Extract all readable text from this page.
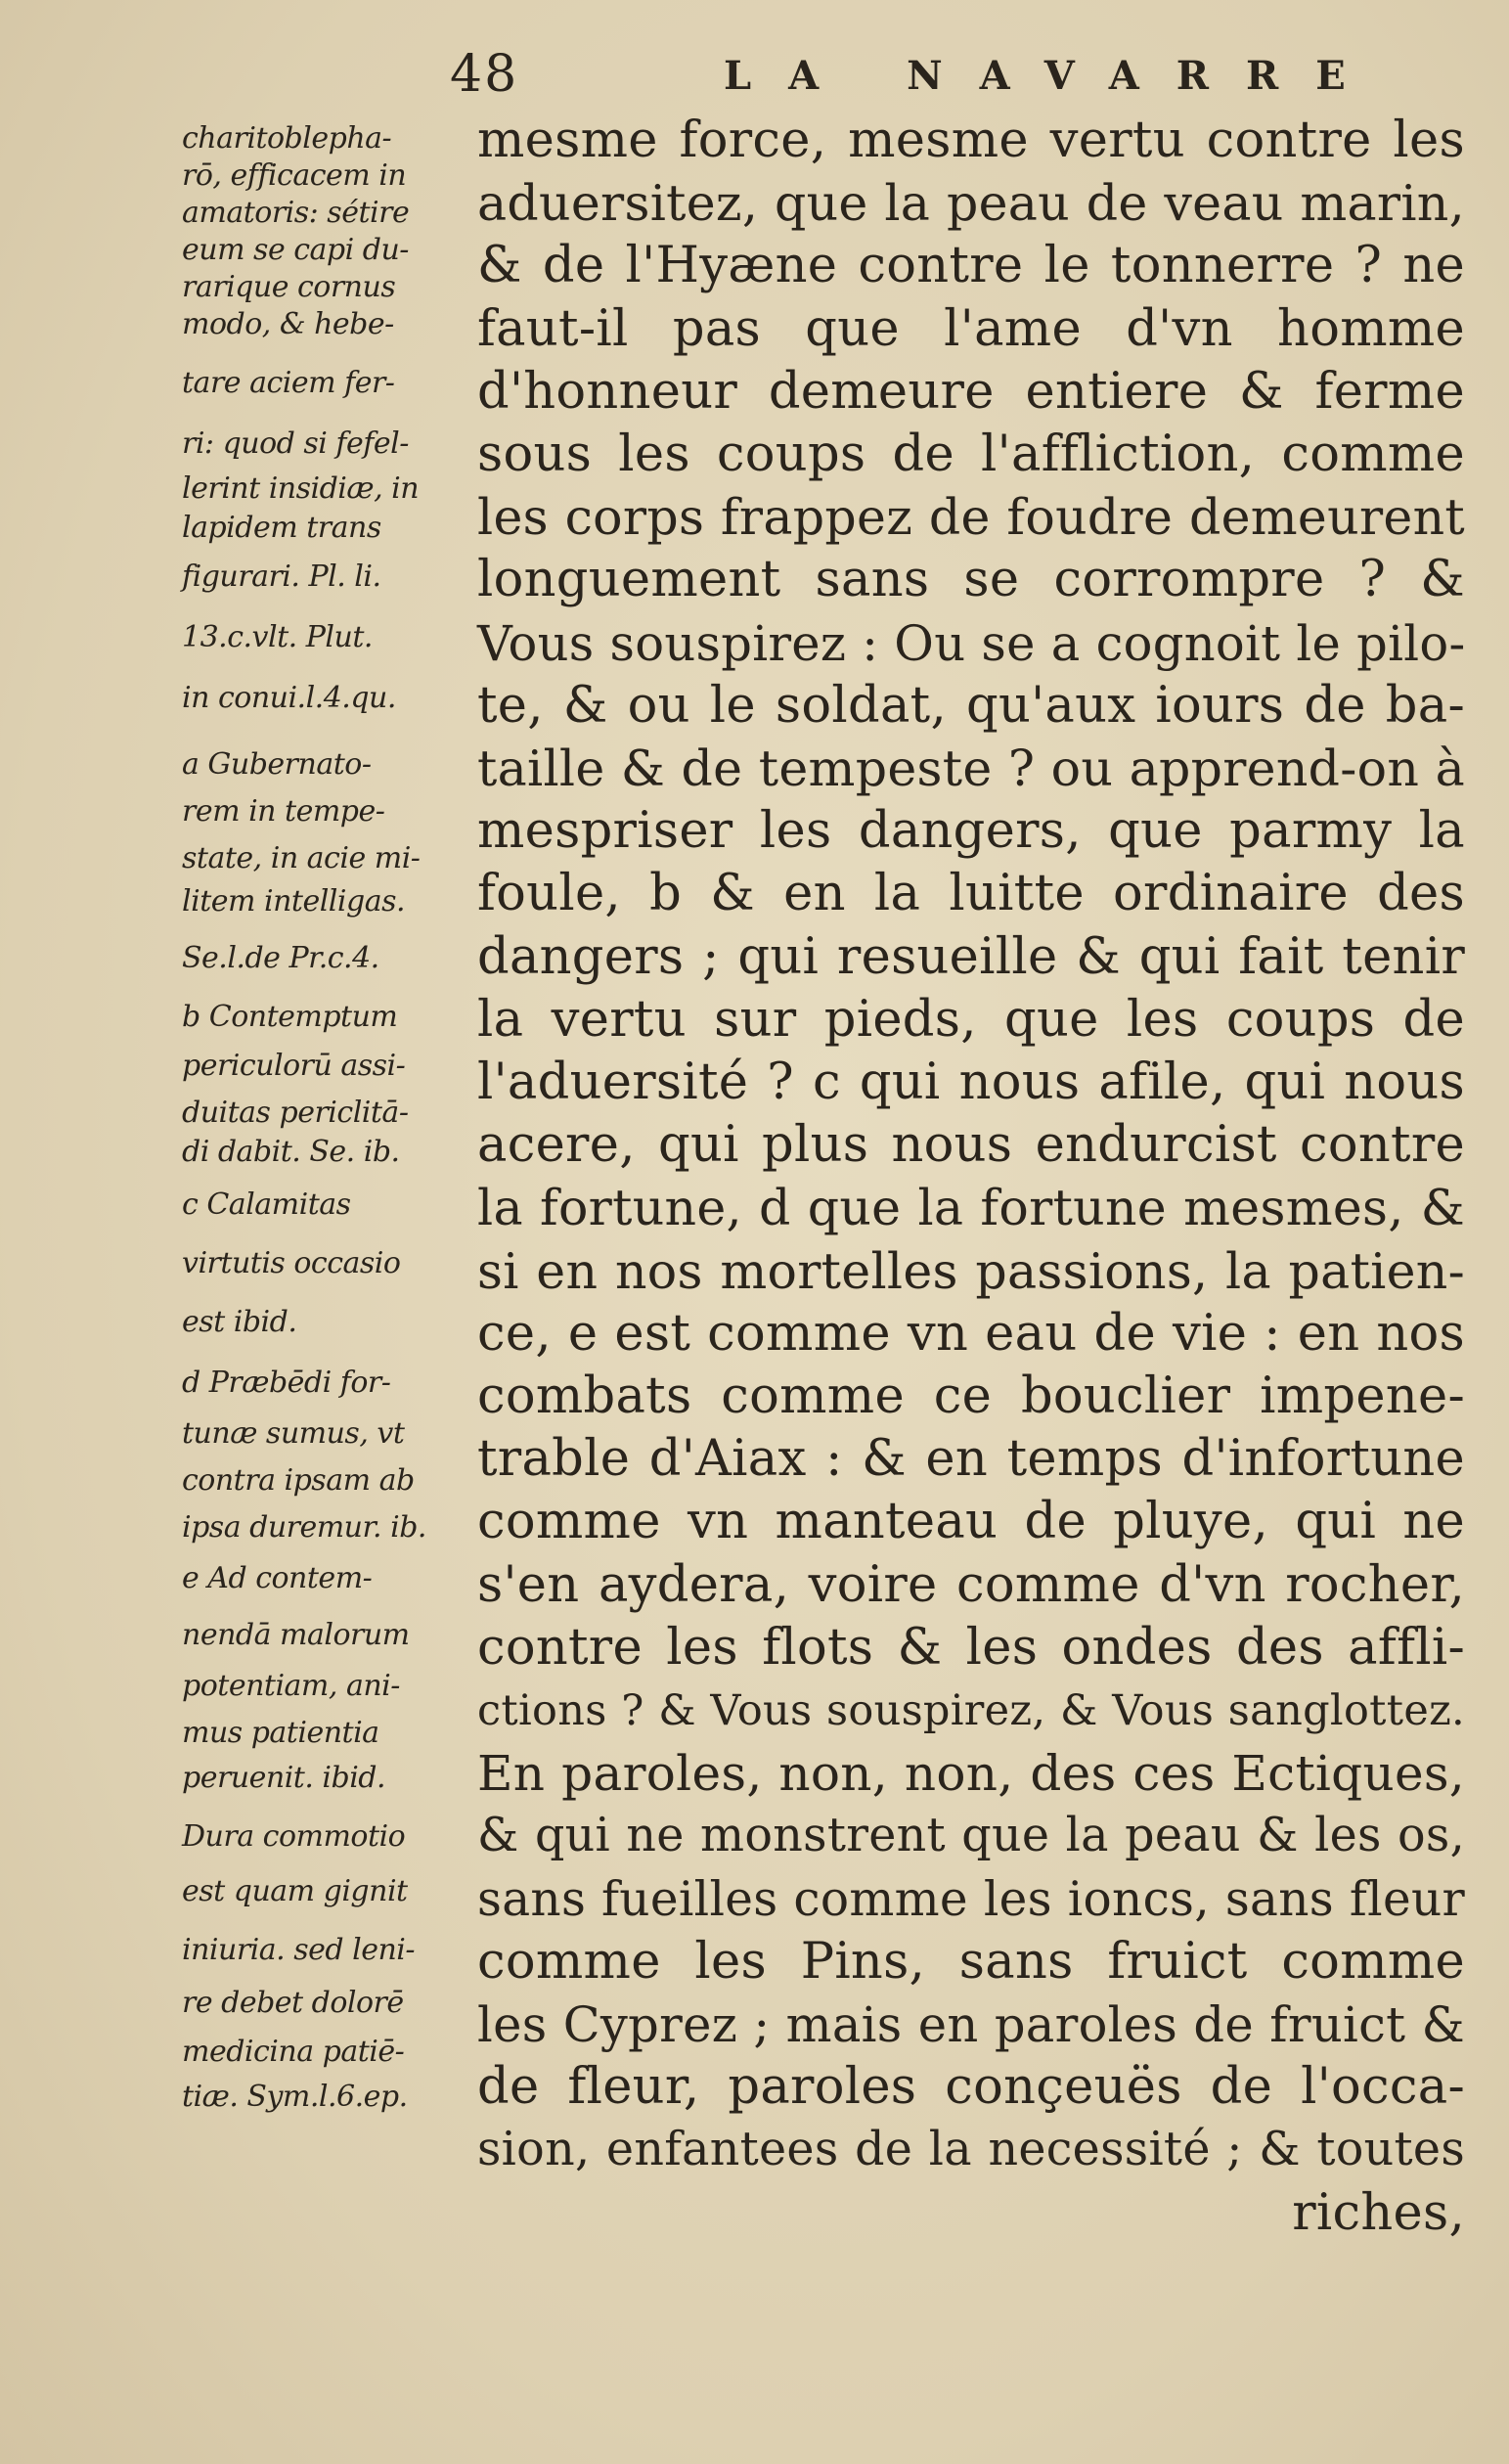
48	LA NAVARRE
charitoblepha-
rō, efficacem in
amatoris: sétire
eum se capi du-
rarique cornus
modo, & hebe-
tare aciem fer-
ri: quod si fefel-
lerint insidiæ, in
lapidem trans
figurari. Pl. li.
13.c.vlt. Plut.
in conui.l.4.qu.
a Gubernato-
rem in tempe-
state, in acie mi-
litem intelligas.
Se.l.de Pr.c.4.
b Contemptum
periculorū assi-
duitas periclitā-
di dabit. Se. ib.
c Calamitas
virtutis occasio
est ibid.
d Præbēdi for-
tunæ sumus, vt
contra ipsam ab
ipsa duremur. ib.
e Ad contem-
nendā malorum
potentiam, ani-
mus patientia
peruenit. ibid.
Dura commotio
est quam gignit
iniuria. sed leni-
re debet dolorē
medicina patiē-
tiæ. Sym.l.6.ep.
mesme force, mesme vertu contre les
aduersitez, que la peau de veau marin,
& de l'Hyæne contre le tonnerre ? ne
faut-il pas que l'ame d'vn homme
d'honneur demeure entiere & ferme
sous les coups de l'affliction, comme
les corps frappez de foudre demeurent
longuement sans se corrompre ? &
Vous souspirez : Ou se a cognoit le pilo-
te, & ou le soldat, qu'aux iours de ba-
taille & de tempeste ? ou apprend-on à
mespriser les dangers, que parmy la
foule, b & en la luitte ordinaire des
dangers ; qui resueille & qui fait tenir
la vertu sur pieds, que les coups de
l'aduersité ? c qui nous afile, qui nous
acere, qui plus nous endurcist contre
la fortune, d que la fortune mesmes, &
si en nos mortelles passions, la patien-
ce, e est comme vn eau de vie : en nos
combats comme ce bouclier impene-
trable d'Aiax : & en temps d'infortune
comme vn manteau de pluye, qui ne
s'en aydera, voire comme d'vn rocher,
contre les flots & les ondes des affli-
ctions ? & Vous souspirez, & Vous sanglottez.
En paroles, non, non, des ces Ectiques,
& qui ne monstrent que la peau & les os,
sans fueilles comme les ioncs, sans fleur
comme les Pins, sans fruict comme
les Cyprez ; mais en paroles de fruict &
de fleur, paroles conçeuës de l'occa-
sion, enfantees de la necessité ; & toutes
riches,
